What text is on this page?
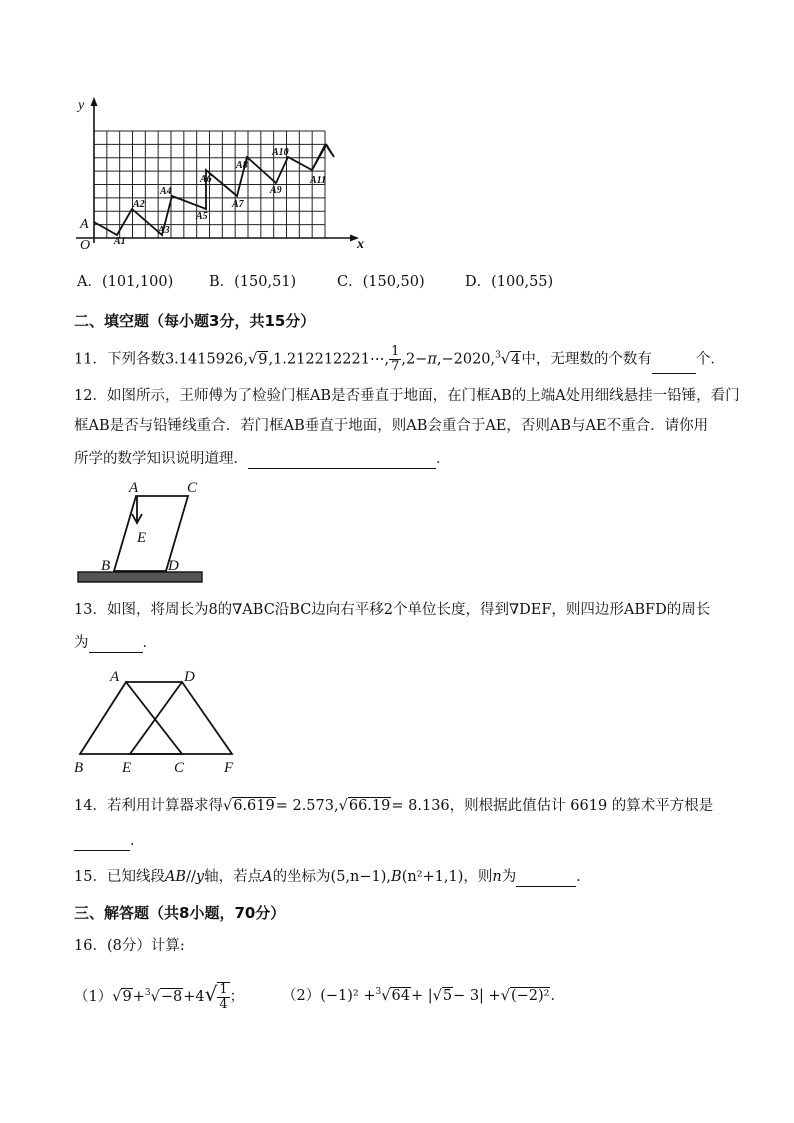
y
x
O
A
A1
A2
A3
A4
A5
A6
A7
A8
A9
A10
A11
A．(101,100) B．(150,51)	C．(150,50)	D．(100,55)
二、填空题（每小题3分，共15分）
11．下列各数3.1415926,√9,1.212212221⋯, $\frac{1}{7} ,2-\pi,-2020,^3√4$中，无理数的个数有	个．
12．如图所示，王师傅为了检验门框AB是否垂直于地面，在门框AB的上端A处用细线悬挂一铅锤，看门
框AB是否与铅锤线重合．若门框AB垂直于地面，则AB会重合于AE，否则AB与AE不重合．请你用
所学的数学知识说明道理．	．
A	C
E
B	D
13．如图，将周长为8的∇ABC沿BC边向右平移2个单位长度，得到∇DEF，则四边形ABFD的周长
为	．
A	D
B	E	C	F
14．若利用计算器求得√6.619= 2.573,√66.19= 8.136，则根据此值估计 6619 的算术平方根是
．
15．已知线段AB//y轴，若点A的坐标为(5,n−1),B(n²+1,1)，则n为	．
三、解答题（共8小题，70分）
16．(8分）计算:
$(1)√9+^3√-8+4√ \frac{1}{4}$ ；	（2）(−1)² +$^3$√64+ |√5− 3| +√(−2)²．
